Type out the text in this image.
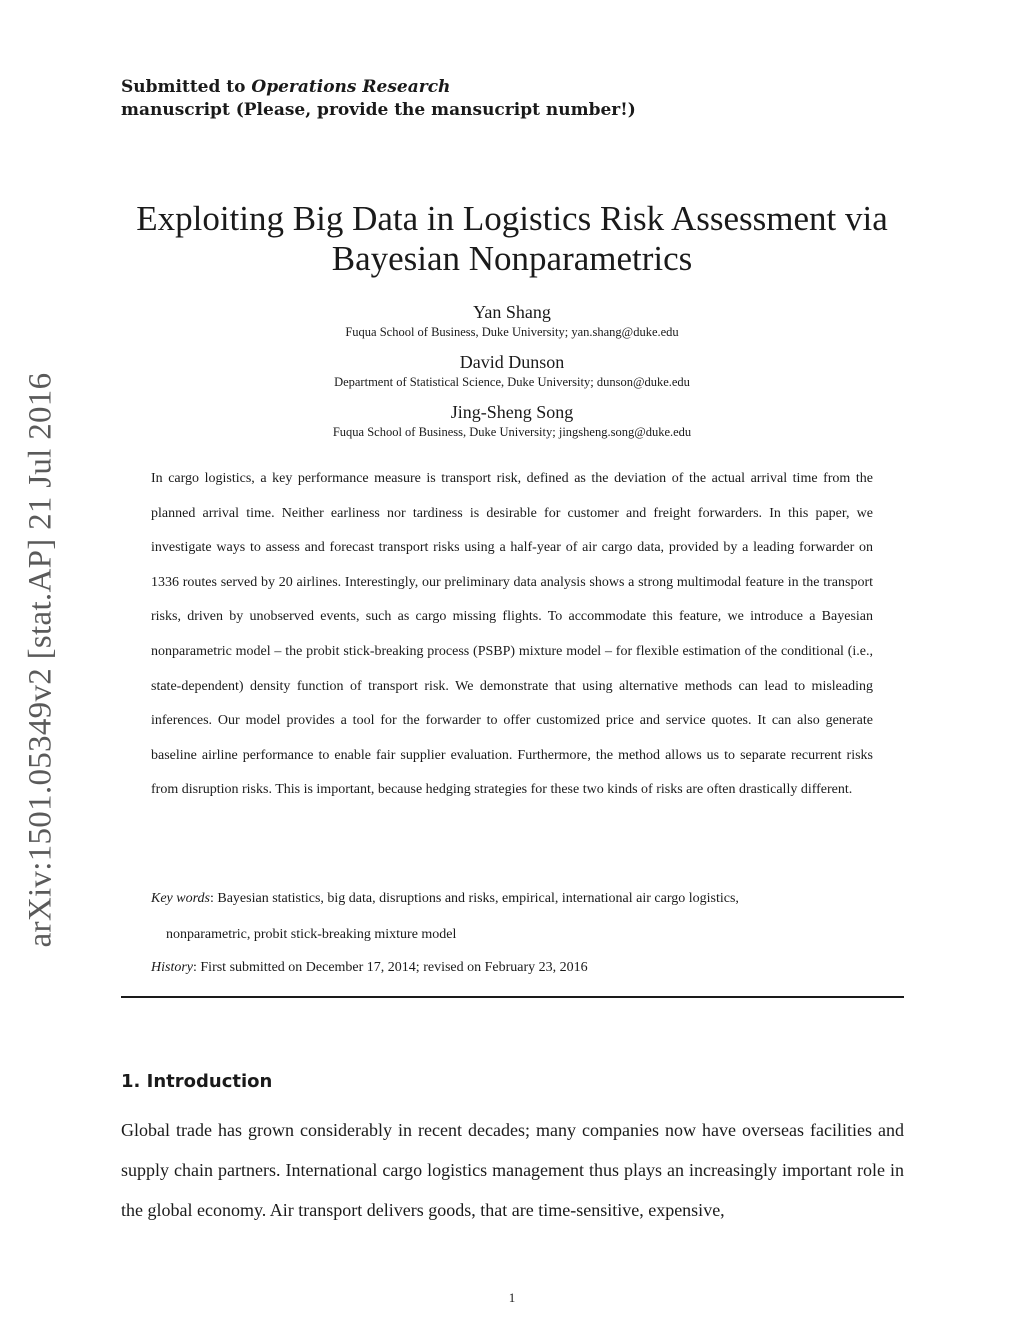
Submitted to Operations Research
manuscript (Please, provide the mansucript number!)
Exploiting Big Data in Logistics Risk Assessment via
Bayesian Nonparametrics
Yan Shang
Fuqua School of Business, Duke University; yan.shang@duke.edu
David Dunson
Department of Statistical Science, Duke University; dunson@duke.edu
Jing-Sheng Song
Fuqua School of Business, Duke University; jingsheng.song@duke.edu
arXiv:1501.05349v2 [stat.AP] 21 Jul 2016	In cargo logistics, a key performance measure is transport risk, defined as the deviation of the actual arrival time from the planned arrival time. Neither earliness nor tardiness is desirable for customer and freight forwarders. In this paper, we investigate ways to assess and forecast transport risks using a half-year of air cargo data, provided by a leading forwarder on 1336 routes served by 20 airlines. Interestingly, our preliminary data analysis shows a strong multimodal feature in the transport risks, driven by unobserved events, such as cargo missing flights. To accommodate this feature, we introduce a Bayesian nonparametric model – the probit stick-breaking process (PSBP) mixture model – for flexible estimation of the conditional (i.e., state-dependent) density function of transport risk. We demonstrate that using alternative methods can lead to misleading inferences. Our model provides a tool for the forwarder to offer customized price and service quotes. It can also generate baseline airline performance to enable fair supplier evaluation. Furthermore, the method allows us to separate recurrent risks from disruption risks. This is important, because hedging strategies for these two kinds of risks are often drastically different.
Key words: Bayesian statistics, big data, disruptions and risks, empirical, international air cargo logistics,
nonparametric, probit stick-breaking mixture model
History: First submitted on December 17, 2014; revised on February 23, 2016
1. Introduction
Global trade has grown considerably in recent decades; many companies now have overseas facilities and supply chain partners. International cargo logistics management thus plays an increasingly important role in the global economy. Air transport delivers goods, that are time-sensitive, expensive,
1
